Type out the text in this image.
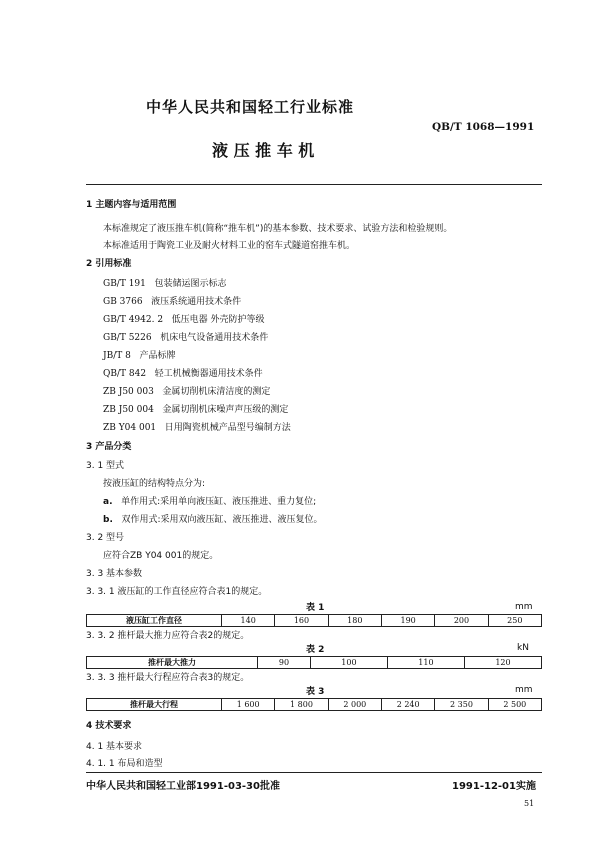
中华人民共和国轻工行业标准
QB/T 1068—1991
液 压 推 车 机
1 主题内容与适用范围
本标准规定了液压推车机(简称“推车机”)的基本参数、技术要求、试验方法和检验规则。
本标准适用于陶瓷工业及耐火材料工业的窑车式隧道窑推车机。
2 引用标准
GB/T 191 包装储运图示标志
GB 3766 液压系统通用技术条件
GB/T 4942. 2 低压电器 外壳防护等级
GB/T 5226 机床电气设备通用技术条件
JB/T 8 产品标牌
QB/T 842 轻工机械衡器通用技术条件
ZB J50 003 金属切削机床清洁度的测定
ZB J50 004 金属切削机床噪声声压级的测定
ZB Y04 001 日用陶瓷机械产品型号编制方法
3 产品分类
3. 1 型式
按液压缸的结构特点分为:
a. 单作用式:采用单向液压缸、液压推进、重力复位;
b. 双作用式:采用双向液压缸、液压推进、液压复位。
3. 2 型号
应符合ZB Y04 001的规定。
3. 3 基本参数
3. 3. 1 液压缸的工作直径应符合表1的规定。
表 1	mm
液压缸工作直径	140	160	180	190	200	250
3. 3. 2 推杆最大推力应符合表2的规定。
表 2	kN
推杆最大推力	90	100	110	120
3. 3. 3 推杆最大行程应符合表3的规定。
表 3	mm
推杆最大行程	1 600	1 800	2 000	2 240	2 350	2 500
4 技术要求
4. 1 基本要求
4. 1. 1 布局和造型
中华人民共和国轻工业部1991-03-30批准	1991-12-01实施
51
